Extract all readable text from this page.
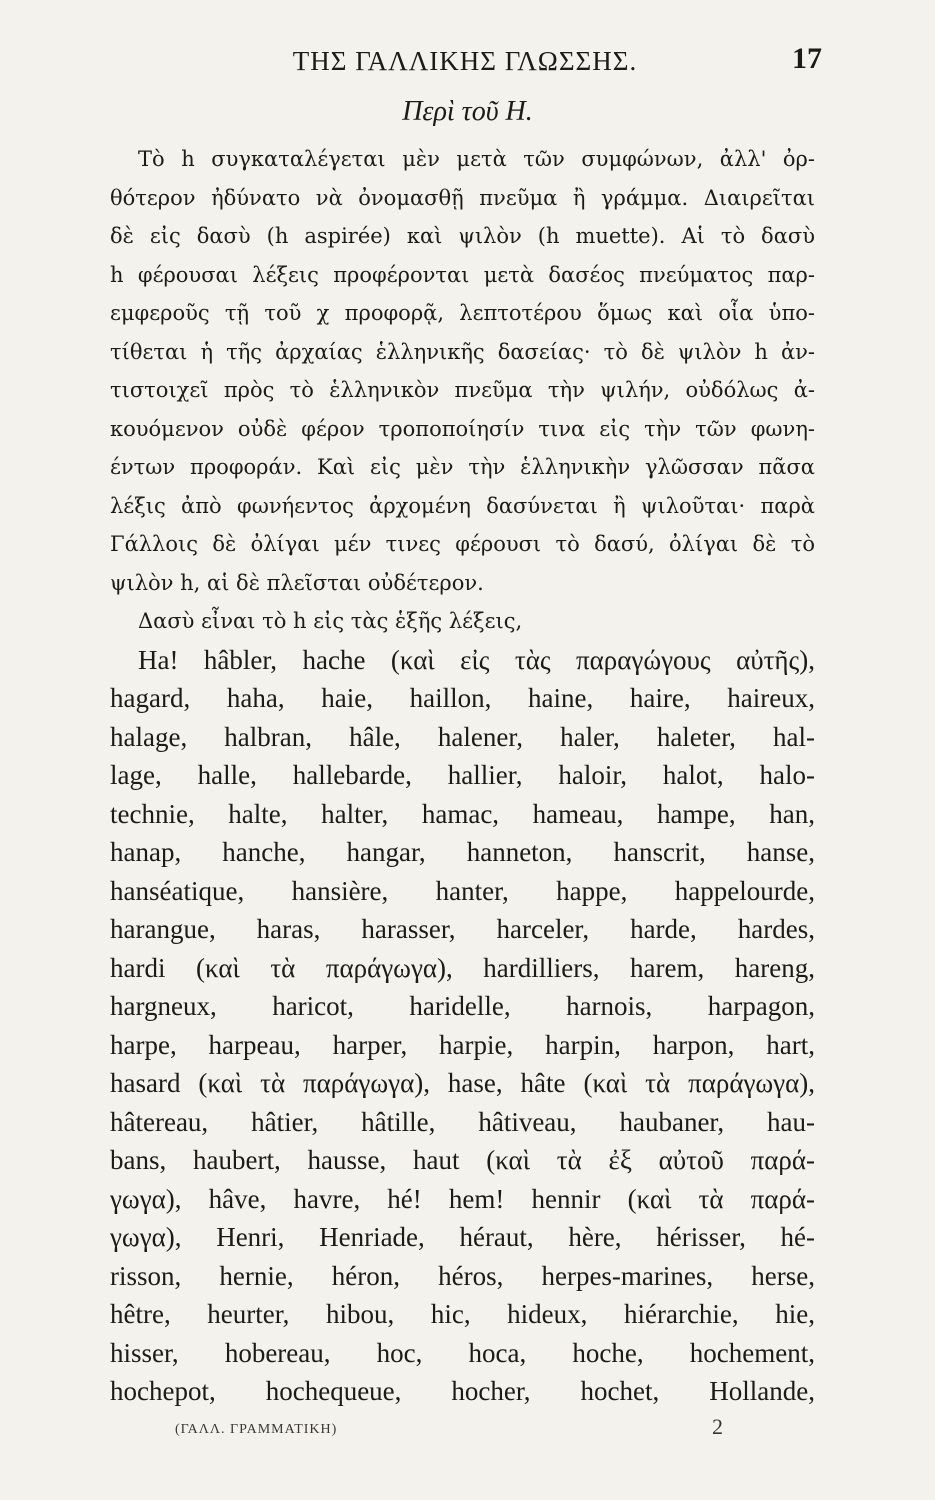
ΤΗΣ ΓΑΛΛΙΚΗΣ ΓΛΩΣΣΗΣ.	17
Περὶ τοῦ Η.
Τὸ h συγκαταλέγεται μὲν μετὰ τῶν συμφώνων, ἀλλ' ὀρ-
θότερον ἠδύνατο νὰ ὀνομασθῇ πνεῦμα ἢ γράμμα. Διαιρεῖται
δὲ εἰς δασὺ (h aspirée) καὶ ψιλὸν (h muette). Αἱ τὸ δασὺ
h φέρουσαι λέξεις προφέρονται μετὰ δασέος πνεύματος παρ-
εμφεροῦς τῇ τοῦ χ προφορᾷ, λεπτοτέρου ὅμως καὶ οἷα ὑπο-
τίθεται ἡ τῆς ἀρχαίας ἑλληνικῆς δασείας· τὸ δὲ ψιλὸν h ἀν-
τιστοιχεῖ πρὸς τὸ ἑλληνικὸν πνεῦμα τὴν ψιλήν, οὐδόλως ἀ-
κουόμενον οὐδὲ φέρον τροποποίησίν τινα εἰς τὴν τῶν φωνη-
έντων προφοράν. Καὶ εἰς μὲν τὴν ἑλληνικὴν γλῶσσαν πᾶσα
λέξις ἀπὸ φωνήεντος ἀρχομένη δασύνεται ἢ ψιλοῦται· παρὰ
Γάλλοις δὲ ὀλίγαι μέν τινες φέρουσι τὸ δασύ, ὀλίγαι δὲ τὸ
ψιλὸν h, αἱ δὲ πλεῖσται οὐδέτερον.
Δασὺ εἶναι τὸ h εἰς τὰς ἑξῆς λέξεις,
Ha! hâbler, hache (καὶ εἰς τὰς παραγώγους αὐτῆς),
hagard, haha, haie, haillon, haine, haire, haireux,
halage, halbran, hâle, halener, haler, haleter, hal-
lage, halle, hallebarde, hallier, haloir, halot, halo-
technie, halte, halter, hamac, hameau, hampe, han,
hanap, hanche, hangar, hanneton, hanscrit, hanse,
hanséatique, hansière, hanter, happe, happelourde,
harangue, haras, harasser, harceler, harde, hardes,
hardi (καὶ τὰ παράγωγα), hardilliers, harem, hareng,
hargneux, haricot, haridelle, harnois, harpagon,
harpe, harpeau, harper, harpie, harpin, harpon, hart,
hasard (καὶ τὰ παράγωγα), hase, hâte (καὶ τὰ παράγωγα),
hâtereau, hâtier, hâtille, hâtiveau, haubaner, hau-
bans, haubert, hausse, haut (καὶ τὰ ἐξ αὐτοῦ παρά-
γωγα), hâve, havre, hé! hem! hennir (καὶ τὰ παρά-
γωγα), Henri, Henriade, héraut, hère, hérisser, hé-
risson, hernie, héron, héros, herpes-marines, herse,
hêtre, heurter, hibou, hic, hideux, hiérarchie, hie,
hisser, hobereau, hoc, hoca, hoche, hochement,
hochepot, hochequeue, hocher, hochet, Hollande,
(ΓΑΛΛ. ΓΡΑΜΜΑΤΙΚΗ)	2
